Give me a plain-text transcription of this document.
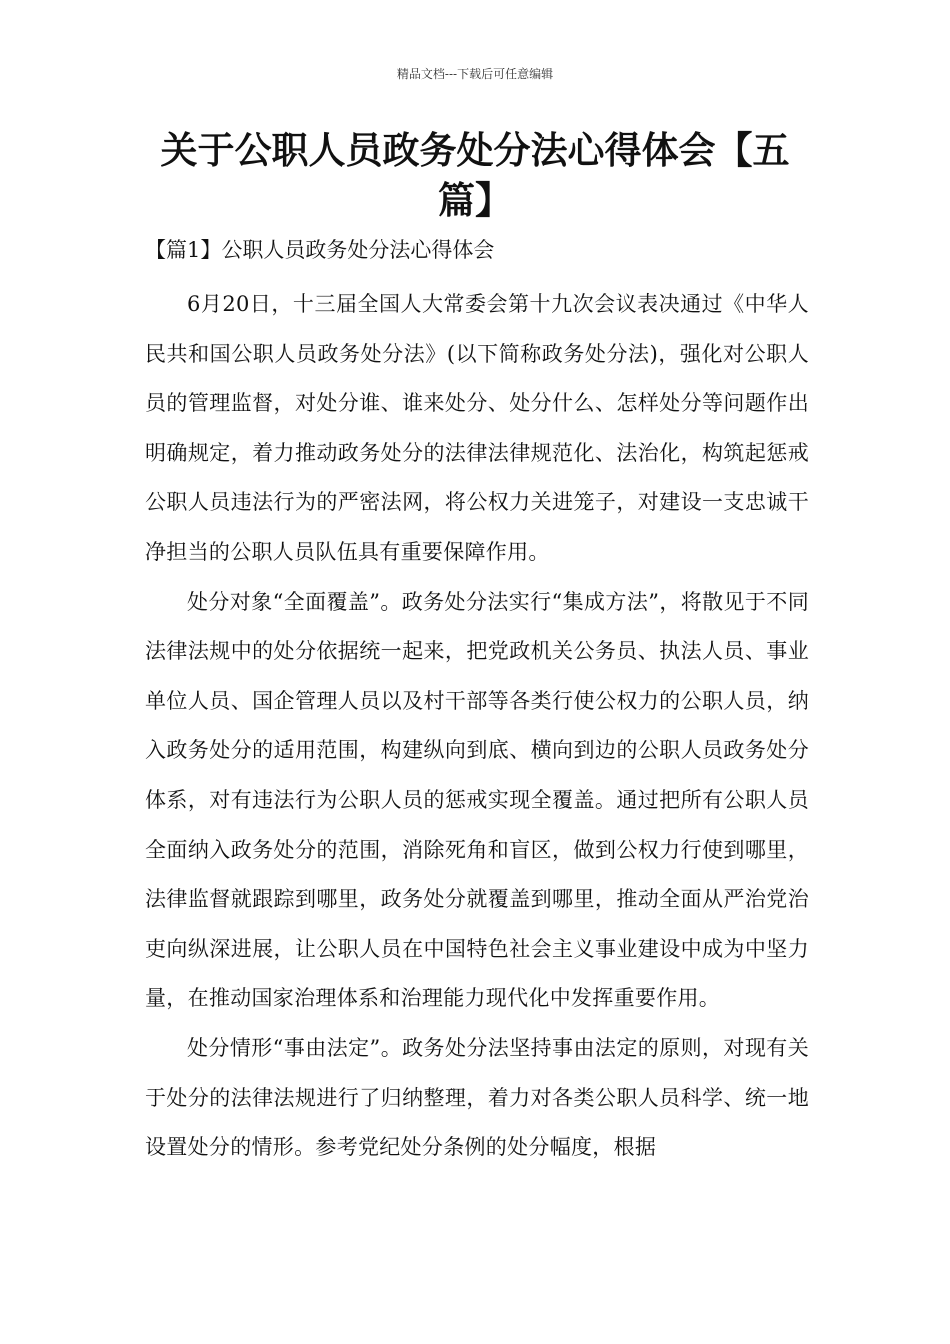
精品文档---下载后可任意编辑
关于公职人员政务处分法心得体会【五篇】
【篇1】公职人员政务处分法心得体会

6月20日，十三届全国人大常委会第十九次会议表决通过《中华人民共和国公职人员政务处分法》(以下简称政务处分法)，强化对公职人员的管理监督，对处分谁、谁来处分、处分什么、怎样处分等问题作出明确规定，着力推动政务处分的法律法律规范化、法治化，构筑起惩戒公职人员违法行为的严密法网，将公权力关进笼子，对建设一支忠诚干净担当的公职人员队伍具有重要保障作用。

处分对象“全面覆盖”。政务处分法实行“集成方法”，将散见于不同法律法规中的处分依据统一起来，把党政机关公务员、执法人员、事业单位人员、国企管理人员以及村干部等各类行使公权力的公职人员，纳入政务处分的适用范围，构建纵向到底、横向到边的公职人员政务处分体系，对有违法行为公职人员的惩戒实现全覆盖。通过把所有公职人员全面纳入政务处分的范围，消除死角和盲区，做到公权力行使到哪里，法律监督就跟踪到哪里，政务处分就覆盖到哪里，推动全面从严治党治吏向纵深进展，让公职人员在中国特色社会主义事业建设中成为中坚力量，在推动国家治理体系和治理能力现代化中发挥重要作用。

处分情形“事由法定”。政务处分法坚持事由法定的原则，对现有关于处分的法律法规进行了归纳整理，着力对各类公职人员科学、统一地设置处分的情形。参考党纪处分条例的处分幅度，根据
